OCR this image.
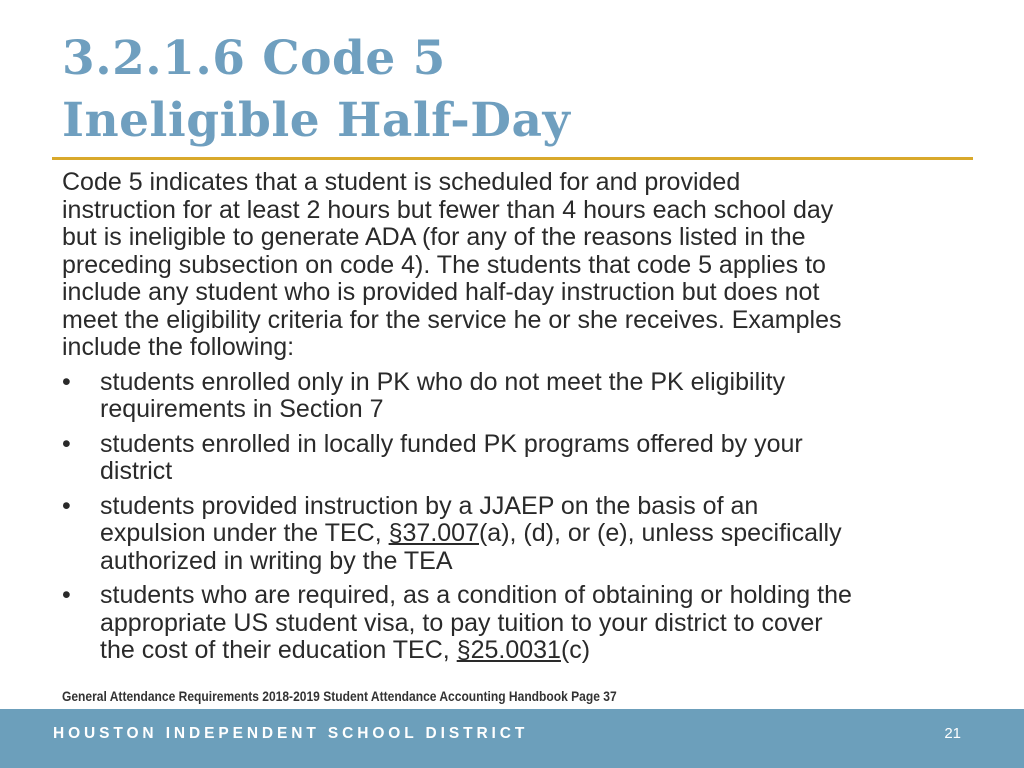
3.2.1.6 Code 5
Ineligible Half-Day

Code 5 indicates that a student is scheduled for and provided

instruction for at least 2 hours but fewer than 4 hours each school day

but is ineligible to generate ADA (for any of the reasons listed in the

preceding subsection on code 4). The students that code 5 applies to

include any student who is provided half-day instruction but does not

meet the eligibility criteria for the service he or she receives. Examples

include the following:

• students enrolled only in PK who do not meet the PK eligibility
requirements in Section 7
• students enrolled in locally funded PK programs offered by your
district
• students provided instruction by a JJAEP on the basis of an
expulsion under the TEC, §37.007(a), (d), or (e), unless specifically
authorized in writing by the TEA
• students who are required, as a condition of obtaining or holding the
appropriate US student visa, to pay tuition to your district to cover
the cost of their education TEC, §25.0031(c)
General Attendance Requirements 2018-2019 Student Attendance Accounting Handbook Page 37
HOUSTON INDEPENDENT SCHOOL DISTRICT	21
